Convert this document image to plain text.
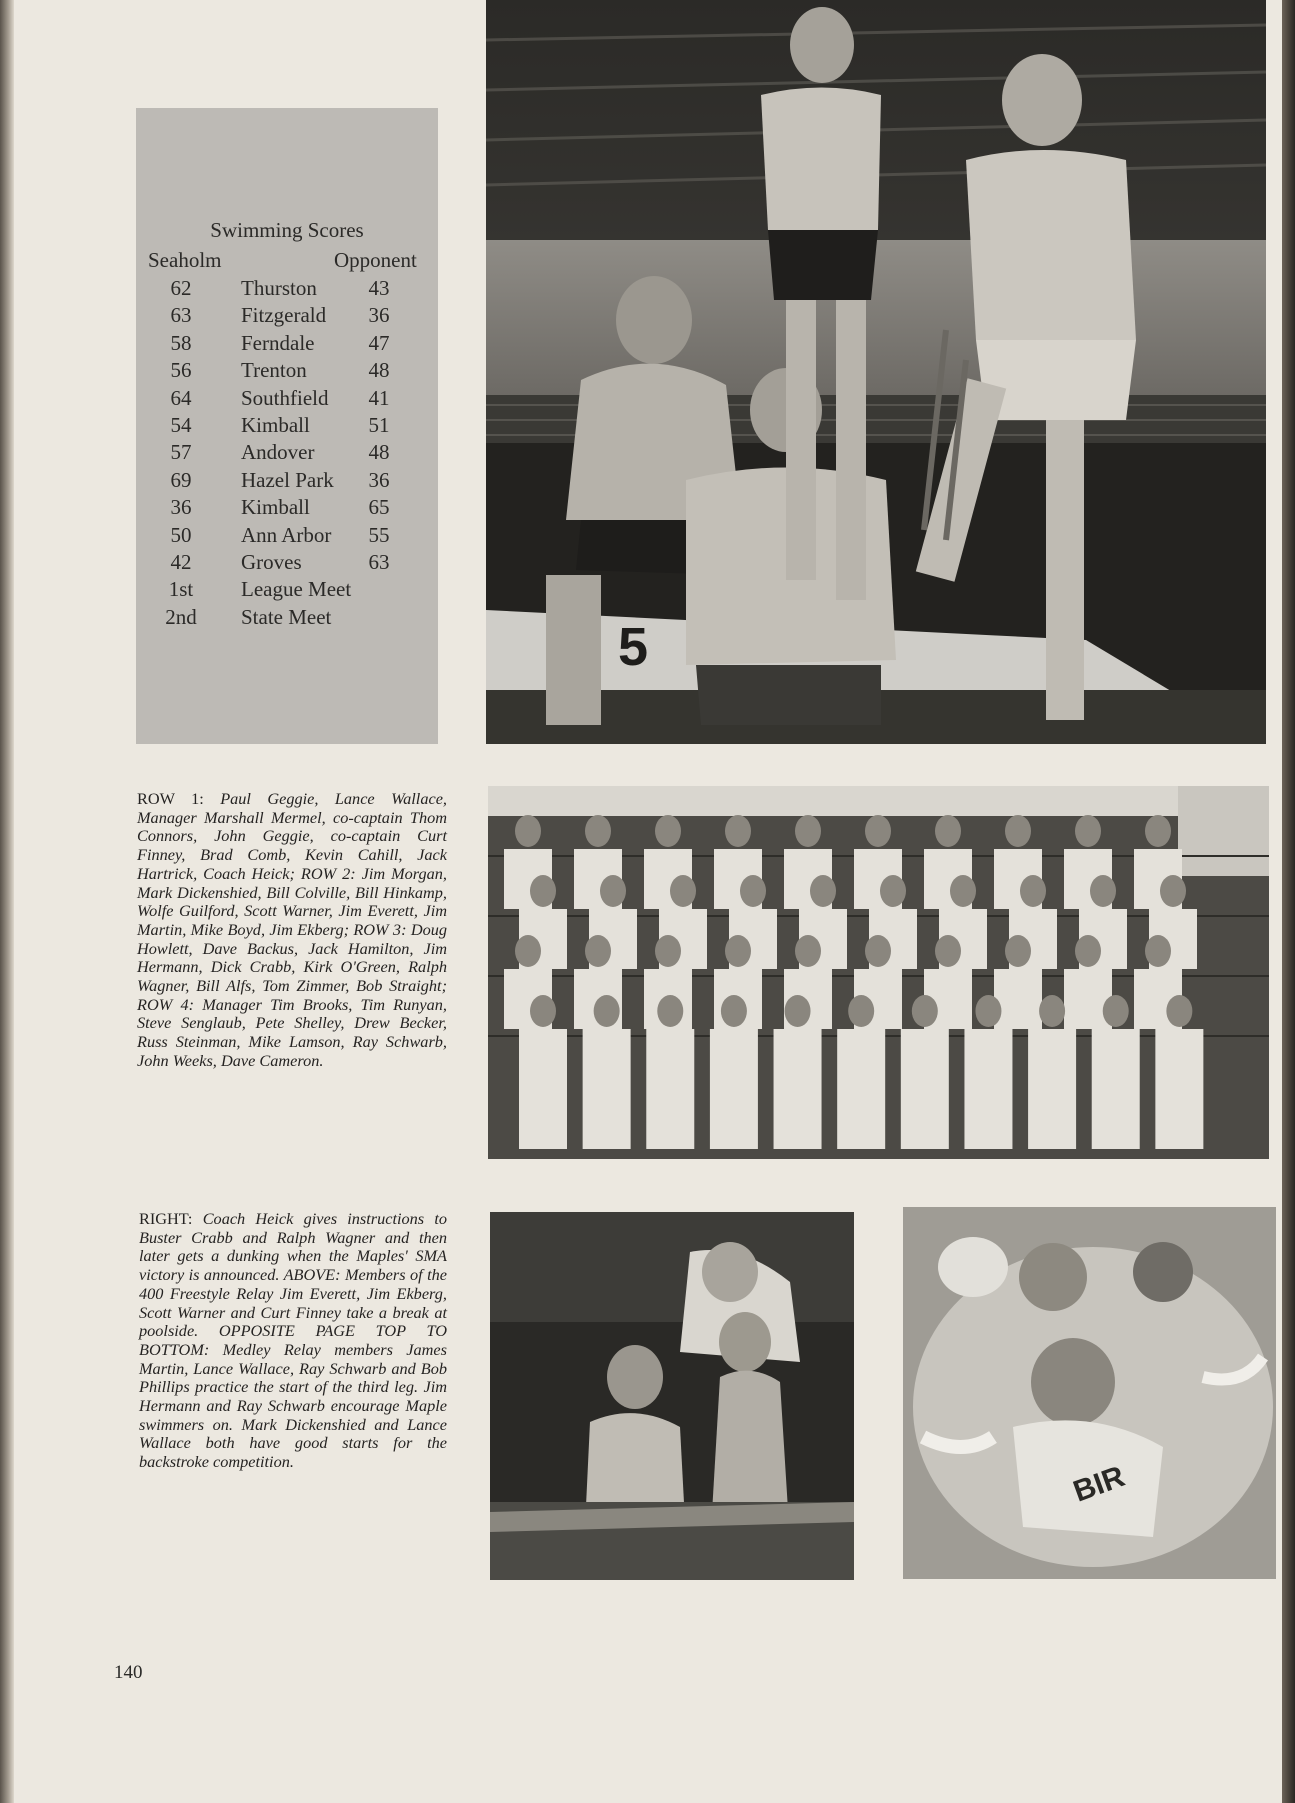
Swimming Scores
Seaholm	Opponent
62	Thurston	43
63	Fitzgerald	36
58	Ferndale	47
56	Trenton	48
64	Southfield	41
54	Kimball	51
57	Andover	48
69	Hazel Park	36
36	Kimball	65
50	Ann Arbor	55
42	Groves	63
1st	League Meet
2nd	State Meet
5
BIR
ROW 1: Paul Geggie, Lance Wallace, Manager Marshall Mermel, co-captain Thom Connors, John Geggie, co-captain Curt Finney, Brad Comb, Kevin Cahill, Jack Hartrick, Coach Heick; ROW 2: Jim Morgan, Mark Dickenshied, Bill Colville, Bill Hinkamp, Wolfe Guilford, Scott Warner, Jim Everett, Jim Martin, Mike Boyd, Jim Ekberg; ROW 3: Doug Howlett, Dave Backus, Jack Hamilton, Jim Hermann, Dick Crabb, Kirk O'Green, Ralph Wagner, Bill Alfs, Tom Zimmer, Bob Straight; ROW 4: Manager Tim Brooks, Tim Runyan, Steve Senglaub, Pete Shelley, Drew Becker, Russ Steinman, Mike Lamson, Ray Schwarb, John Weeks, Dave Cameron.
RIGHT: Coach Heick gives instructions to Buster Crabb and Ralph Wagner and then later gets a dunking when the Maples' SMA victory is announced. ABOVE: Members of the 400 Freestyle Relay Jim Everett, Jim Ekberg, Scott Warner and Curt Finney take a break at poolside. OPPOSITE PAGE TOP TO BOTTOM: Medley Relay members James Martin, Lance Wallace, Ray Schwarb and Bob Phillips practice the start of the third leg. Jim Hermann and Ray Schwarb encourage Maple swimmers on. Mark Dickenshied and Lance Wallace both have good starts for the backstroke competition.
140
